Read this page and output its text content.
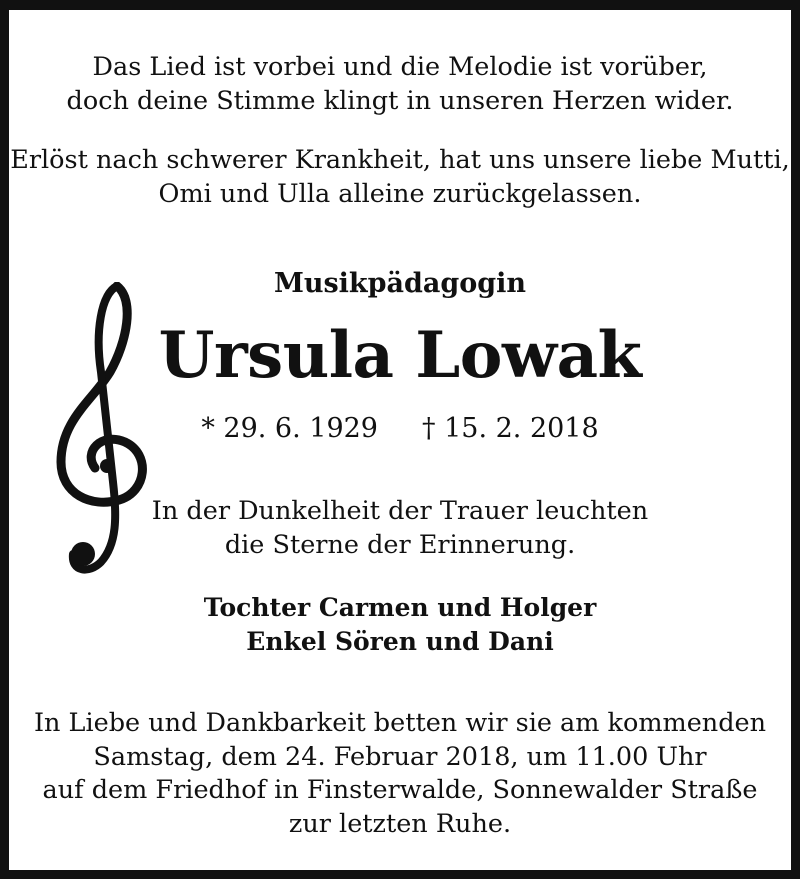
Das Lied ist vorbei und die Melodie ist vorüber,
doch deine Stimme klingt in unseren Herzen wider.
Erlöst nach schwerer Krankheit, hat uns unsere liebe Mutti,
Omi und Ulla alleine zurückgelassen.
Musikpädagogin
Ursula Lowak
* 29. 6. 1929 † 15. 2. 2018
In der Dunkelheit der Trauer leuchten
die Sterne der Erinnerung.
Tochter Carmen und Holger
Enkel Sören und Dani
In Liebe und Dankbarkeit betten wir sie am kommenden
Samstag, dem 24. Februar 2018, um 11.00 Uhr
auf dem Friedhof in Finsterwalde, Sonnewalder Straße
zur letzten Ruhe.
